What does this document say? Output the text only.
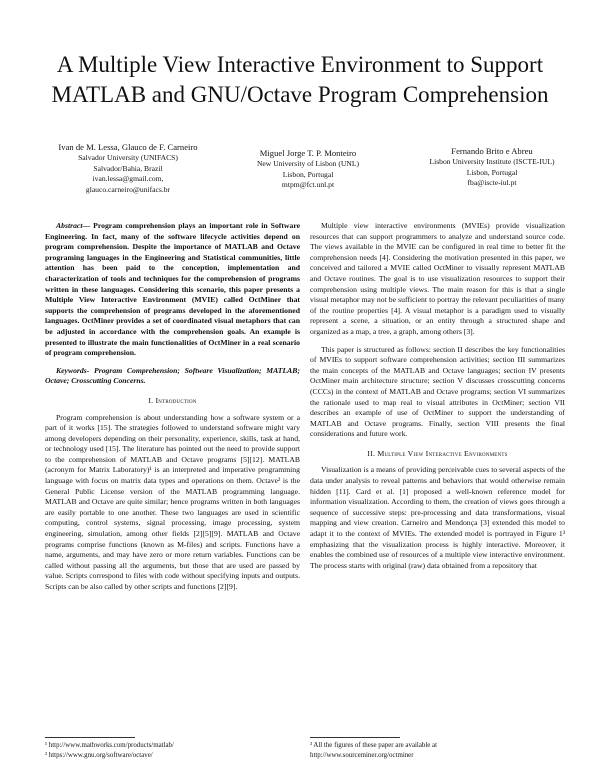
A Multiple View Interactive Environment to Support
MATLAB and GNU/Octave Program Comprehension
Ivan de M. Lessa, Glauco de F. Carneiro
Salvador University (UNIFACS)
Salvador/Bahia, Brazil
ivan.lessa@gmail.com,
glauco.carneiro@unifacs.br
Miguel Jorge T. P. Monteiro
New University of Lisbon (UNL)
Lisbon, Portugal
mtpm@fct.unl.pt
Fernando Brito e Abreu
Lisbon University Institute (ISCTE-IUL)
Lisbon, Portugal
fba@iscte-iul.pt

Abstract— Program comprehension plays an important role in Software Engineering. In fact, many of the software lifecycle activities depend on program comprehension. Despite the importance of MATLAB and Octave programing languages in the Engineering and Statistical communities, little attention has been paid to the conception, implementation and characterization of tools and techniques for the comprehension of programs written in these languages. Considering this scenario, this paper presents a Multiple View Interactive Environment (MVIE) called OctMiner that supports the comprehension of programs developed in the aforementioned languages. OctMiner provides a set of coordinated visual metaphors that can be adjusted in accordance with the comprehension goals. An example is presented to illustrate the main functionalities of OctMiner in a real scenario of program comprehension.

Keywords- Program Comprehension; Software Visualization; MATLAB; Octave; Crosscutting Concerns.

I. Introduction

Program comprehension is about understanding how a software system or a part of it works [15]. The strategies followed to understand software might vary among developers depending on their personality, experience, skills, task at hand, or technology used [15]. The literature has pointed out the need to provide support to the comprehension of MATLAB and Octave programs [5][12]. MATLAB (acronym for Matrix Laboratory)¹ is an interpreted and imperative programming language with focus on matrix data types and operations on them. Octave² is the General Public License version of the MATLAB programming language. MATLAB and Octave are quite similar; hence programs written in both languages are easily portable to one another. These two languages are used in scientific computing, control systems, signal processing, image processing, system engineering, simulation, among other fields [2][5][9]. MATLAB and Octave programs comprise functions (known as M-files) and scripts. Functions have a name, arguments, and may have zero or more return variables. Functions can be called without passing all the arguments, but those that are used are passed by value. Scripts correspond to files with code without specifying inputs and outputs. Scripts can be also called by other scripts and functions [2][9].

Multiple view interactive environments (MVIEs) provide visualization resources that can support programmers to analyze and understand source code. The views available in the MVIE can be configured in real time to better fit the comprehension needs [4]. Considering the motivation presented in this paper, we conceived and tailored a MVIE called OctMiner to visually represent MATLAB and Octave routines. The goal is to use visualization resources to support their comprehension using multiple views. The main reason for this is that a single visual metaphor may not be sufficient to portray the relevant peculiarities of many of the routine properties [4]. A visual metaphor is a paradigm used to visually represent a scene, a situation, or an entity through a structured shape and organized as a map, a tree, a graph, among others [3].

This paper is structured as follows: section II describes the key functionalities of MVIEs to support software comprehension activities; section III summarizes the main concepts of the MATLAB and Octave languages; section IV presents OctMiner main architecture structure; section V discusses crosscutting concerns (CCCs) in the context of MATLAB and Octave programs; section VI summarizes the rationale used to map real to visual attributes in OctMiner; section VII describes an example of use of OctMiner to support the understanding of MATLAB and Octave programs. Finally, section VIII presents the final considerations and future work.

II. Multiple View Interactive Environments

Visualization is a means of providing perceivable cues to several aspects of the data under analysis to reveal patterns and behaviors that would otherwise remain hidden [11]. Card et al. [1] proposed a well-known reference model for information visualization. According to them, the creation of views goes through a sequence of successive steps: pre-processing and data transformations, visual mapping and view creation. Carneiro and Mendonça [3] extended this model to adapt it to the context of MVIEs. The extended model is portrayed in Figure 1³ emphasizing that the visualization process is highly interactive. Moreover, it enables the combined use of resources of a multiple view interactive environment. The process starts with original (raw) data obtained from a repository that

¹ http://www.mathworks.com/products/matlab/
² https://www.gnu.org/software/octave/
³ All the figures of these paper are available at
http://www.sourceminer.org/octminer
